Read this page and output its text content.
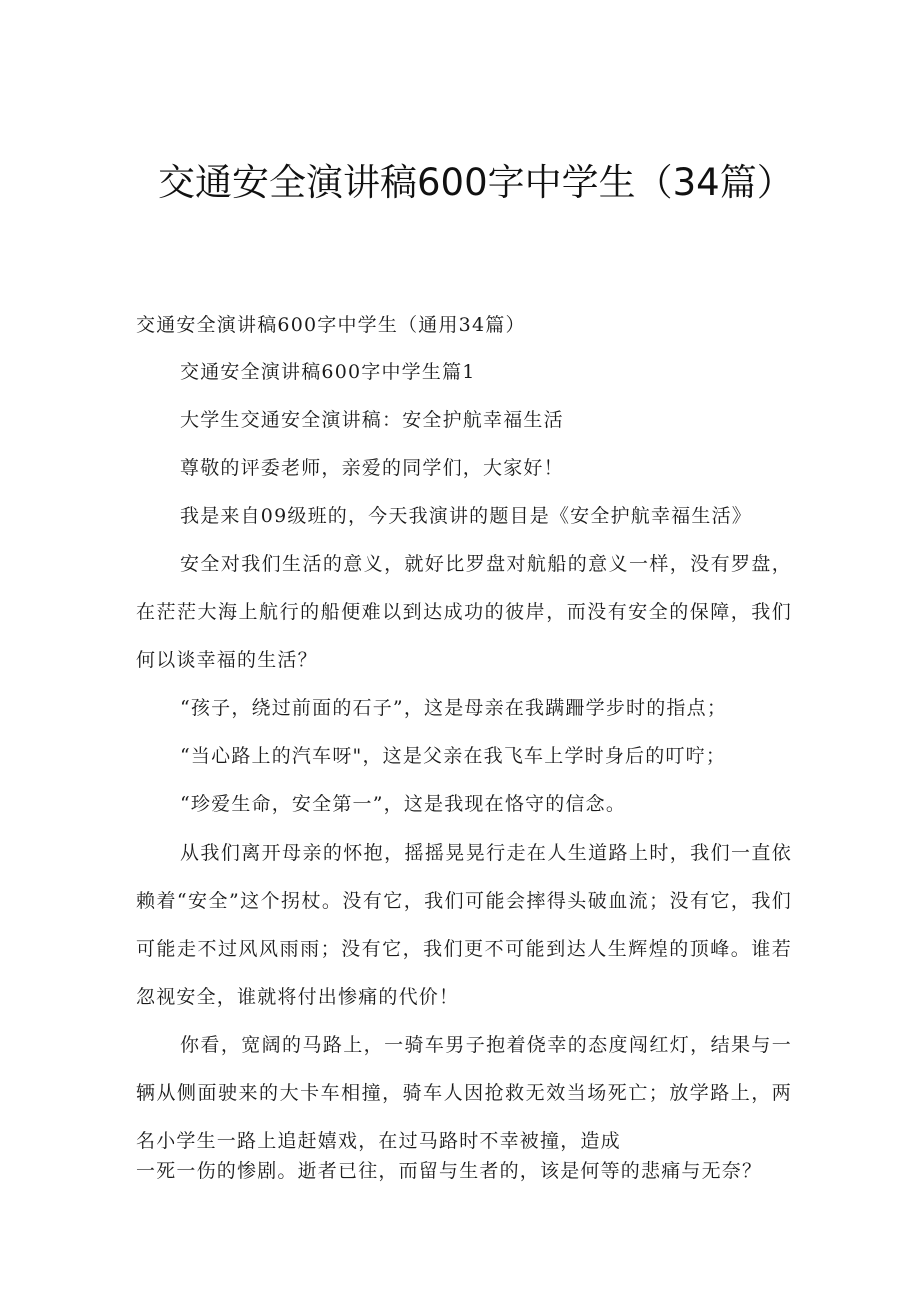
交通安全演讲稿600字中学生（34篇）

交通安全演讲稿600字中学生（通用34篇）

交通安全演讲稿600字中学生篇1

大学生交通安全演讲稿：安全护航幸福生活

尊敬的评委老师，亲爱的同学们，大家好！

我是来自09级班的，今天我演讲的题目是《安全护航幸福生活》

安全对我们生活的意义，就好比罗盘对航船的意义一样，没有罗盘，在茫茫大海上航行的船便难以到达成功的彼岸，而没有安全的保障，我们何以谈幸福的生活？

“孩子，绕过前面的石子”，这是母亲在我蹒跚学步时的指点；

“当心路上的汽车呀"，这是父亲在我飞车上学时身后的叮咛；

“珍爱生命，安全第一”，这是我现在恪守的信念。

从我们离开母亲的怀抱，摇摇晃晃行走在人生道路上时，我们一直依赖着“安全”这个拐杖。没有它，我们可能会摔得头破血流；没有它，我们可能走不过风风雨雨；没有它，我们更不可能到达人生辉煌的顶峰。谁若忽视安全，谁就将付出惨痛的代价！

你看，宽阔的马路上，一骑车男子抱着侥幸的态度闯红灯，结果与一辆从侧面驶来的大卡车相撞，骑车人因抢救无效当场死亡；放学路上，两名小学生一路上追赶嬉戏，在过马路时不幸被撞，造成

一死一伤的惨剧。逝者已往，而留与生者的，该是何等的悲痛与无奈？
